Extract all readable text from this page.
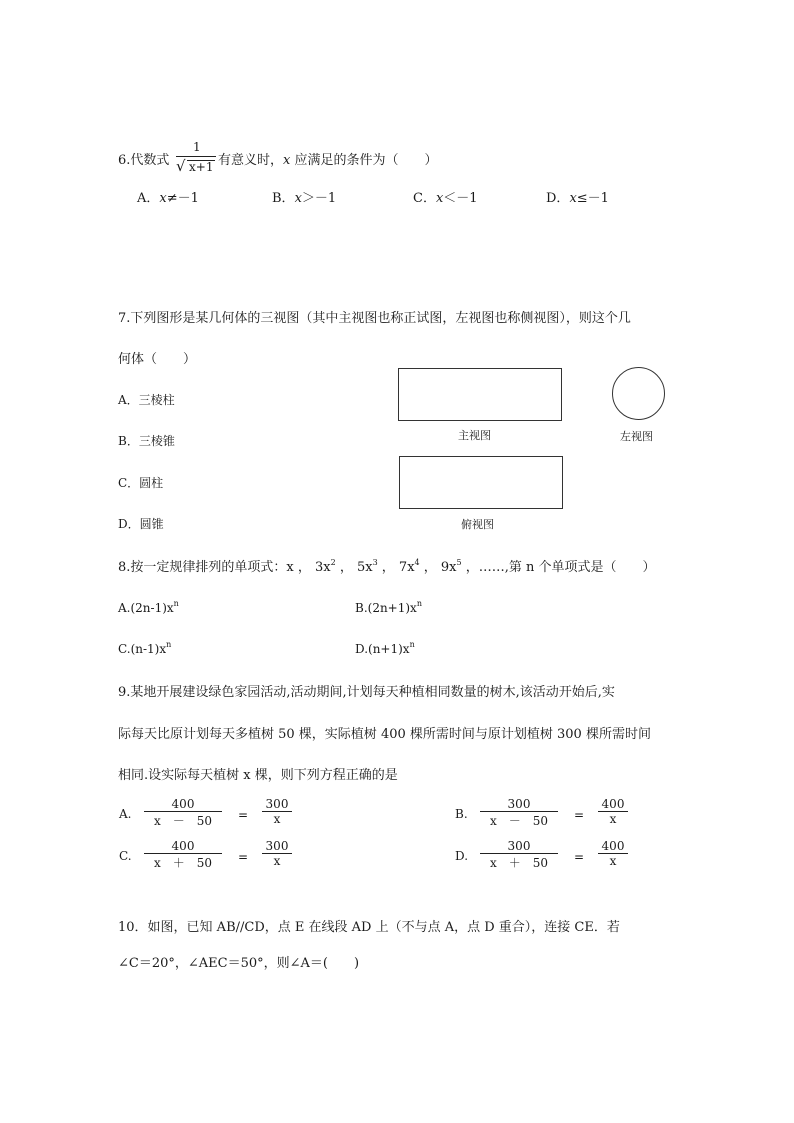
6.代数式
1
√ x+1 有意义时，x 应满足的条件为（　　）
A．x≠－1	B．x＞－1	C．x＜－1	D．x≤－1
7.下列图形是某几何体的三视图（其中主视图也称正试图，左视图也称侧视图），则这个几
何体（　　）
A．三棱柱
B．三棱锥
C．圆柱
D．圆锥
主视图	左视图
俯视图
8.按一定规律排列的单项式：x ， $3x^2$ ， $5x^3$ ， $7x^4$ ， $9x^5$ ，……,第 n 个单项式是（　　）
$A.(2n-1)x^n$	$B.(2n+1)x^n$
$C.(n-1)x^n$	$D.(n+1)x^n$
9.某地开展建设绿色家园活动,活动期间,计划每天种植相同数量的树木,该活动开始后,实
际每天比原计划每天多植树 50 棵，实际植树 400 棵所需时间与原计划植树 300 棵所需时间
相同.设实际每天植树 x 棵，则下列方程正确的是
A.
400
x　－　50	=
300
x	B.
300
x　－　50	=
400
x
C.
400
x　＋　50	=
300
x	D.
300
x　＋　50	=
400
x
10．如图，已知 AB//CD，点 E 在线段 AD 上（不与点 A，点 D 重合），连接 CE．若
∠C＝20°，∠AEC＝50°，则∠A＝(　　)
